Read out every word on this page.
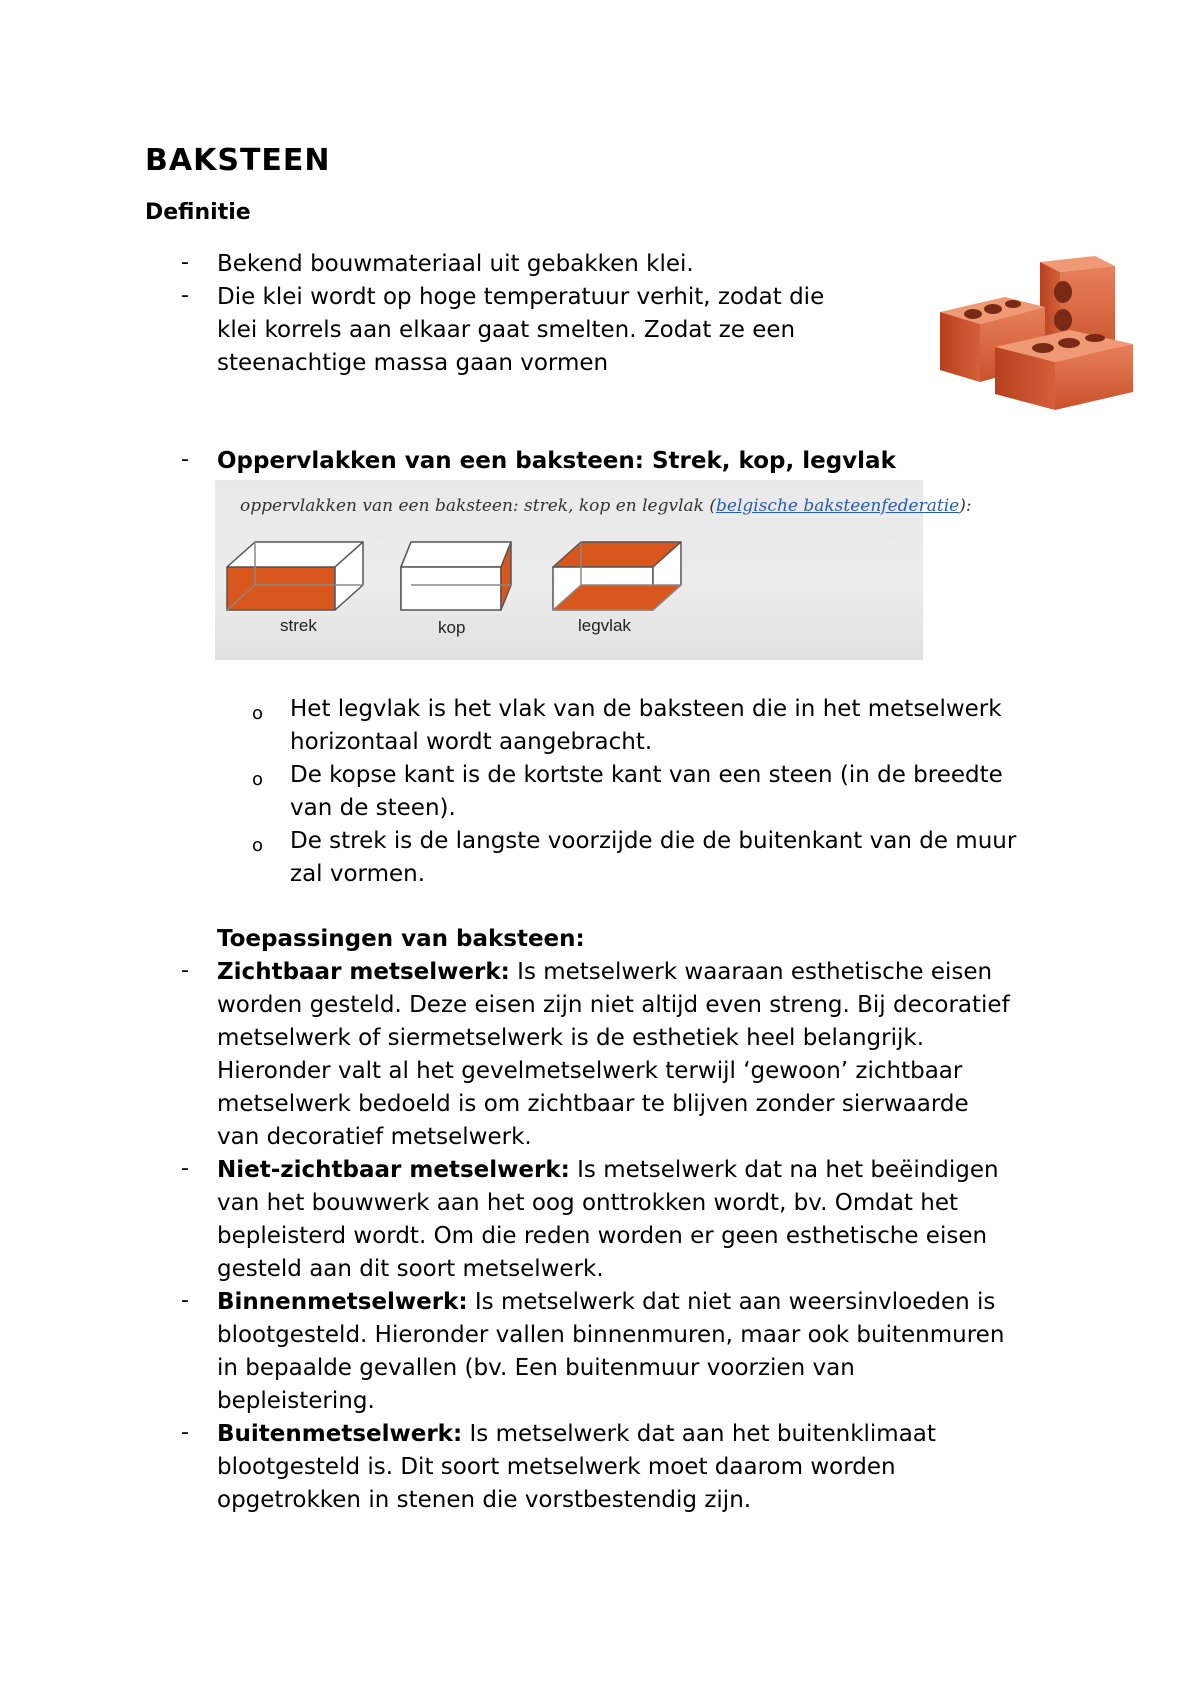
BAKSTEEN
Definitie
- Bekend bouwmateriaal uit gebakken klei.
- Die klei wordt op hoge temperatuur verhit, zodat die
klei korrels aan elkaar gaat smelten. Zodat ze een
steenachtige massa gaan vormen
- Oppervlakken van een baksteen: Strek, kop, legvlak
oppervlakken van een baksteen: strek, kop en legvlak (belgische baksteenfederatie):
strek	kop	legvlak
o Het legvlak is het vlak van de baksteen die in het metselwerk
horizontaal wordt aangebracht.
o De kopse kant is de kortste kant van een steen (in de breedte
van de steen).
o De strek is de langste voorzijde die de buitenkant van de muur
zal vormen.
Toepassingen van baksteen:
- Zichtbaar metselwerk: Is metselwerk waaraan esthetische eisen
worden gesteld. Deze eisen zijn niet altijd even streng. Bij decoratief
metselwerk of siermetselwerk is de esthetiek heel belangrijk.
Hieronder valt al het gevelmetselwerk terwijl ‘gewoon’ zichtbaar
metselwerk bedoeld is om zichtbaar te blijven zonder sierwaarde
van decoratief metselwerk.
- Niet-zichtbaar metselwerk: Is metselwerk dat na het beëindigen
van het bouwwerk aan het oog onttrokken wordt, bv. Omdat het
bepleisterd wordt. Om die reden worden er geen esthetische eisen
gesteld aan dit soort metselwerk.
- Binnenmetselwerk: Is metselwerk dat niet aan weersinvloeden is
blootgesteld. Hieronder vallen binnenmuren, maar ook buitenmuren
in bepaalde gevallen (bv. Een buitenmuur voorzien van
bepleistering.
- Buitenmetselwerk: Is metselwerk dat aan het buitenklimaat
blootgesteld is. Dit soort metselwerk moet daarom worden
opgetrokken in stenen die vorstbestendig zijn.
